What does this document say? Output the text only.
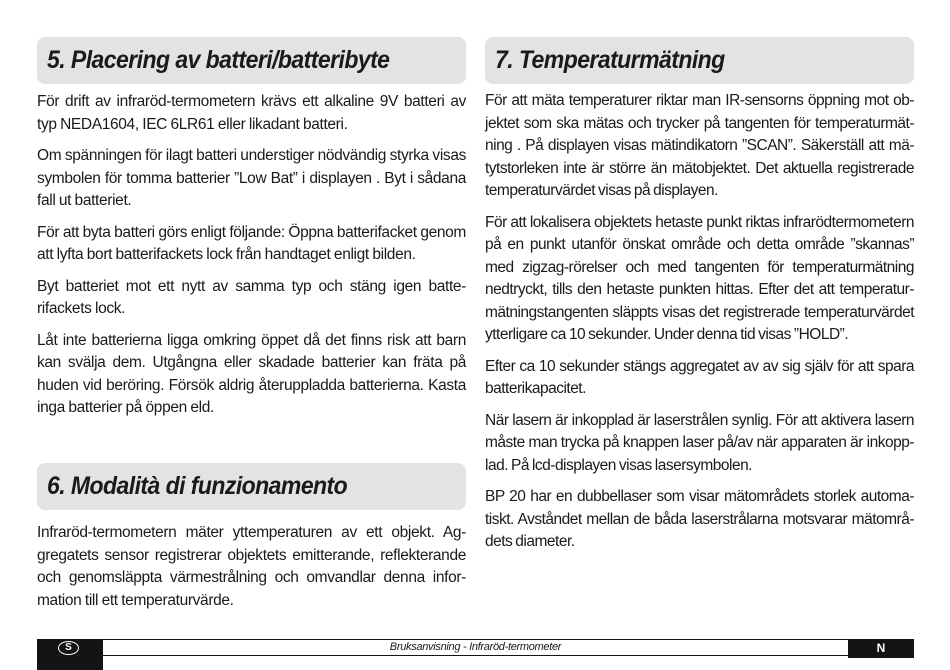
5. Placering av batteri/batteribyte

För drift av infraröd-termometern krävs ett alkaline 9V batteri av typ NEDA1604, IEC 6LR61 eller likadant batteri.

Om spänningen för ilagt batteri understiger nödvändig styrka visas symbolen för tomma batterier ”Low Bat” i displayen . Byt i sådana fall ut batteriet.

För att byta batteri görs enligt följande: Öppna batterifacket genom att lyfta bort batterifackets lock från handtaget enligt bilden.

Byt batteriet mot ett nytt av samma typ och stäng igen batte-rifackets lock.

Låt inte batterierna ligga omkring öppet då det finns risk att barn kan svälja dem. Utgångna eller skadade batterier kan fräta på huden vid beröring. Försök aldrig återuppladda batterierna. Kasta inga batterier på öppen eld.

6. Modalità di funzionamento

Infraröd-termometern mäter yttemperaturen av ett objekt. Ag-gregatets sensor registrerar objektets emitterande, reflekterande och genomsläppta värmestrålning och omvandlar denna infor-mation till ett temperaturvärde.

7. Temperaturmätning

För att mäta temperaturer riktar man IR-sensorns öppning mot ob-jektet som ska mätas och trycker på tangenten för temperaturmät-ning . På displayen visas mätindikatorn ”SCAN”. Säkerställ att mä-tytstorleken inte är större än mätobjektet. Det aktuella registrerade temperaturvärdet visas på displayen.

För att lokalisera objektets hetaste punkt riktas infrarödtermometern på en punkt utanför önskat område och detta område ”skannas” med zigzag-rörelser och med tangenten för temperaturmätning nedtryckt, tills den hetaste punkten hittas. Efter det att temperatur-mätningstangenten släppts visas det registrerade temperaturvärdet ytterligare ca 10 sekunder. Under denna tid visas ”HOLD”.

Efter ca 10 sekunder stängs aggregatet av av sig själv för att spara batterikapacitet.

När lasern är inkopplad är laserstrålen synlig. För att aktivera lasern måste man trycka på knappen laser på/av när apparaten är inkopp-lad. På lcd-displayen visas lasersymbolen.

BP 20 har en dubbellaser som visar mätområdets storlek automa-tiskt. Avståndet mellan de båda laserstrålarna motsvarar mätområ-dets diameter.

S	Bruksanvisning - Infraröd-termometer	N
